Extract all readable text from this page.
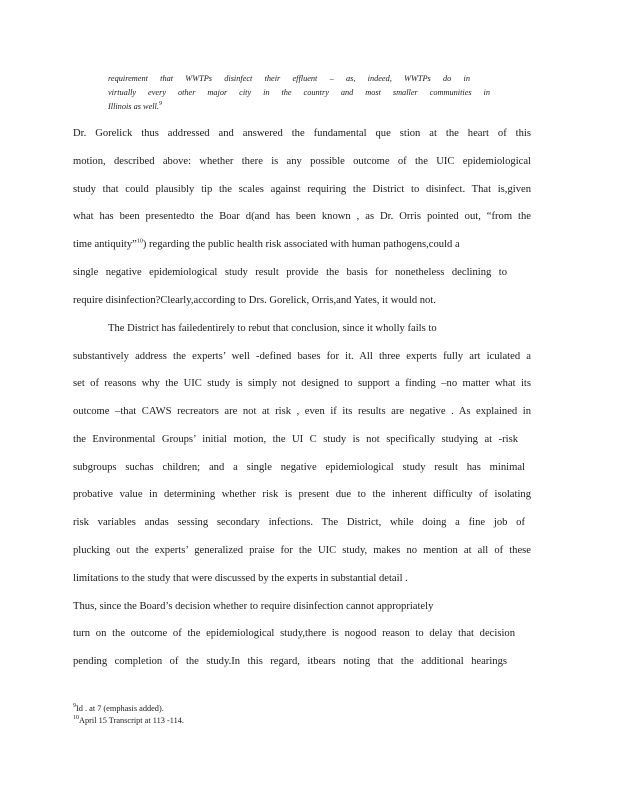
requirement that WWTPs disinfect their effluent – as, indeed, WWTPs do in
virtually every other major city in the country and most smaller communities in
Illinois as well.$^9$
Dr. Gorelick thus addressed and answered the fundamental que stion at the heart of this
motion, described above: whether there is any possible outcome of the UIC epidemiological
study that could plausibly tip the scales against requiring the District to disinfect. That is,given
what has been presentedto the Boar d(and has been known , as Dr. Orris pointed out, “from the
time antiquity”$^{10}$) regarding the public health risk associated with human pathogens,could a
single negative epidemiological study result provide the basis for nonetheless declining to
require disinfection?Clearly,according to Drs. Gorelick, Orris,and Yates, it would not.
The District has failedentirely to rebut that conclusion, since it wholly fails to
substantively address the experts’ well -defined bases for it. All three experts fully art iculated a
set of reasons why the UIC study is simply not designed to support a finding –no matter what its
outcome –that CAWS recreators are not at risk , even if its results are negative . As explained in
the Environmental Groups’ initial motion, the UI C study is not specifically studying at -risk
subgroups suchas children; and a single negative epidemiological study result has minimal
probative value in determining whether risk is present due to the inherent difficulty of isolating
risk variables andas sessing secondary infections. The District, while doing a fine job of
plucking out the experts’ generalized praise for the UIC study, makes no mention at all of these
limitations to the study that were discussed by the experts in substantial detail .
Thus, since the Board’s decision whether to require disinfection cannot appropriately
turn on the outcome of the epidemiological study,there is nogood reason to delay that decision
pending completion of the study.In this regard, itbears noting that the additional hearings
$^9$Id . at 7 (emphasis added).
$^{10}$April 15 Transcript at 113 -114.
